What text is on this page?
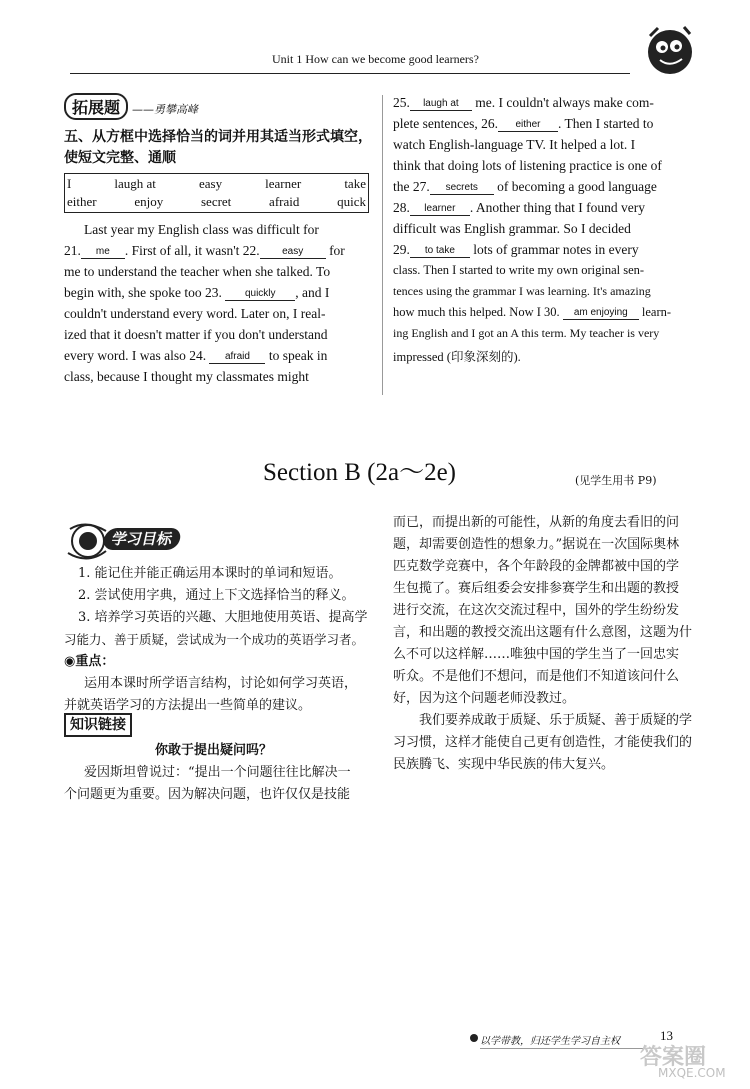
Unit 1 How can we become good learners?
拓展题 ——勇攀高峰
五、从方框中选择恰当的词并用其适当形式填空，使短文完整、通顺
I	laugh at	easy	learner	take
either	enjoy	secret	afraid	quick
Last year my English class was difficult for
21. me . First of all, it wasn't 22. easy for
me to understand the teacher when she talked. To
begin with, she spoke too 23. quickly , and I
couldn't understand every word. Later on, I real-
ized that it doesn't matter if you don't understand
every word. I was also 24. afraid to speak in
class, because I thought my classmates might
25. laugh at me. I couldn't always make com-
plete sentences, 26. either . Then I started to
watch English-language TV. It helped a lot. I
think that doing lots of listening practice is one of
the 27. secrets of becoming a good language
28. learner . Another thing that I found very
difficult was English grammar. So I decided
29. to take lots of grammar notes in every
class. Then I started to write my own original sen-
tences using the grammar I was learning. It's amazing
how much this helped. Now I 30. am enjoying learn-
ing English and I got an A this term. My teacher is very
impressed (印象深刻的).
Section B (2a～2e)	(见学生用书 P9)
学习目标
1. 能记住并能正确运用本课时的单词和短语。
2. 尝试使用字典，通过上下文选择恰当的释义。
3. 培养学习英语的兴趣、大胆地使用英语、提高学
习能力、善于质疑，尝试成为一个成功的英语学习者。
◉重点：
运用本课时所学语言结构，讨论如何学习英语，
并就英语学习的方法提出一些简单的建议。
知识链接
你敢于提出疑问吗？
爱因斯坦曾说过：“提出一个问题往往比解决一
个问题更为重要。因为解决问题，也许仅仅是技能
而已，而提出新的可能性，从新的角度去看旧的问
题，却需要创造性的想象力。”据说在一次国际奥林
匹克数学竞赛中，各个年龄段的金牌都被中国的学
生包揽了。赛后组委会安排参赛学生和出题的教授
进行交流，在这次交流过程中，国外的学生纷纷发
言，和出题的教授交流出这题有什么意图，这题为什
么不可以这样解……唯独中国的学生当了一回忠实
听众。不是他们不想问，而是他们不知道该问什么
好，因为这个问题老师没教过。
我们要养成敢于质疑、乐于质疑、善于质疑的学
习习惯，这样才能使自己更有创造性，才能使我们的
民族腾飞、实现中华民族的伟大复兴。
以学带教，归还学生学习自主权	13
答案圈
MXQE.COM
